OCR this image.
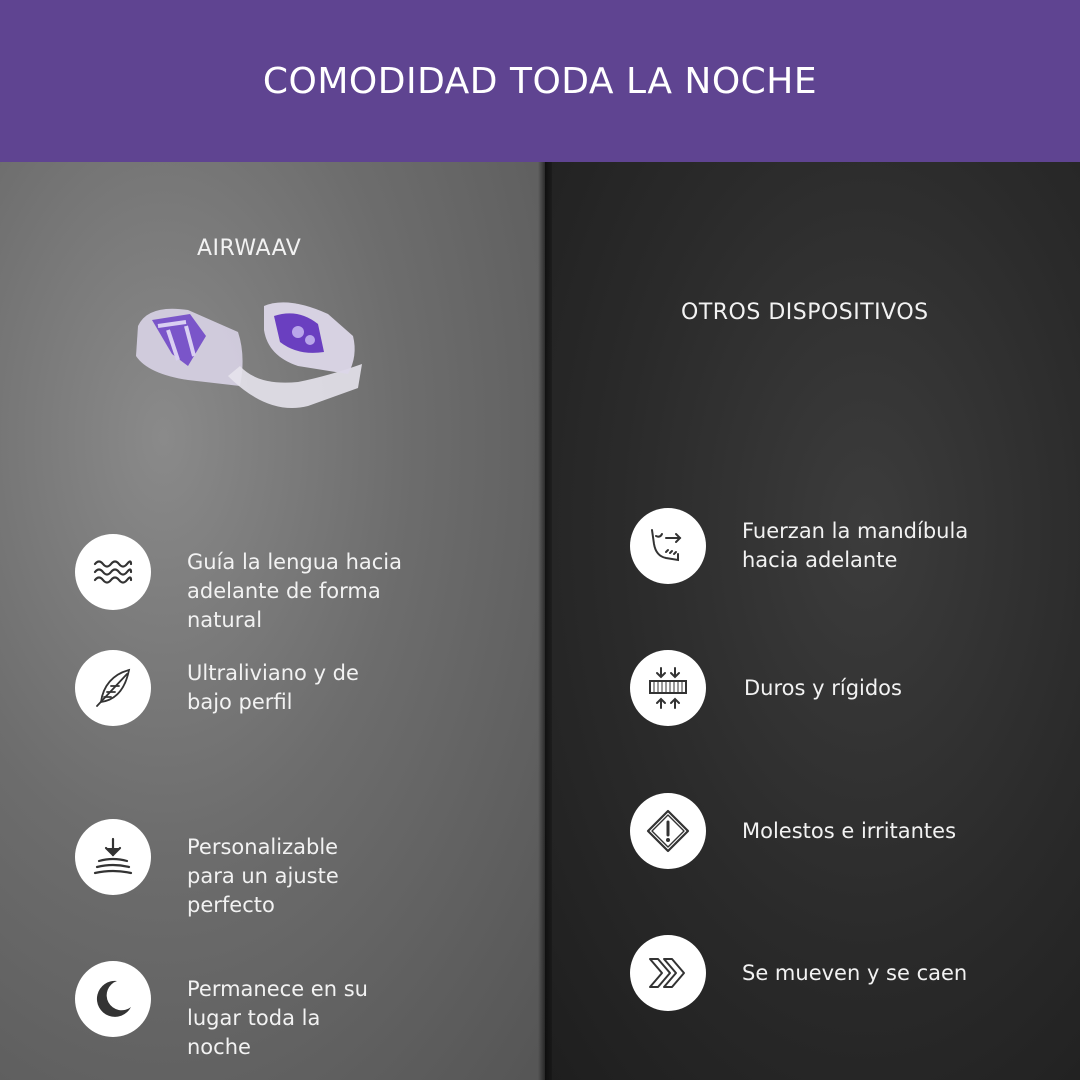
COMODIDAD TODA LA NOCHE
AIRWAAV
OTROS DISPOSITIVOS
Guía la lengua hacia adelante de forma natural
Ultraliviano y de bajo perfil
Personalizable para un ajuste perfecto
Permanece en su lugar toda la noche
Fuerzan la mandíbula hacia adelante
Duros y rígidos
Molestos e irritantes
Se mueven y se caen
